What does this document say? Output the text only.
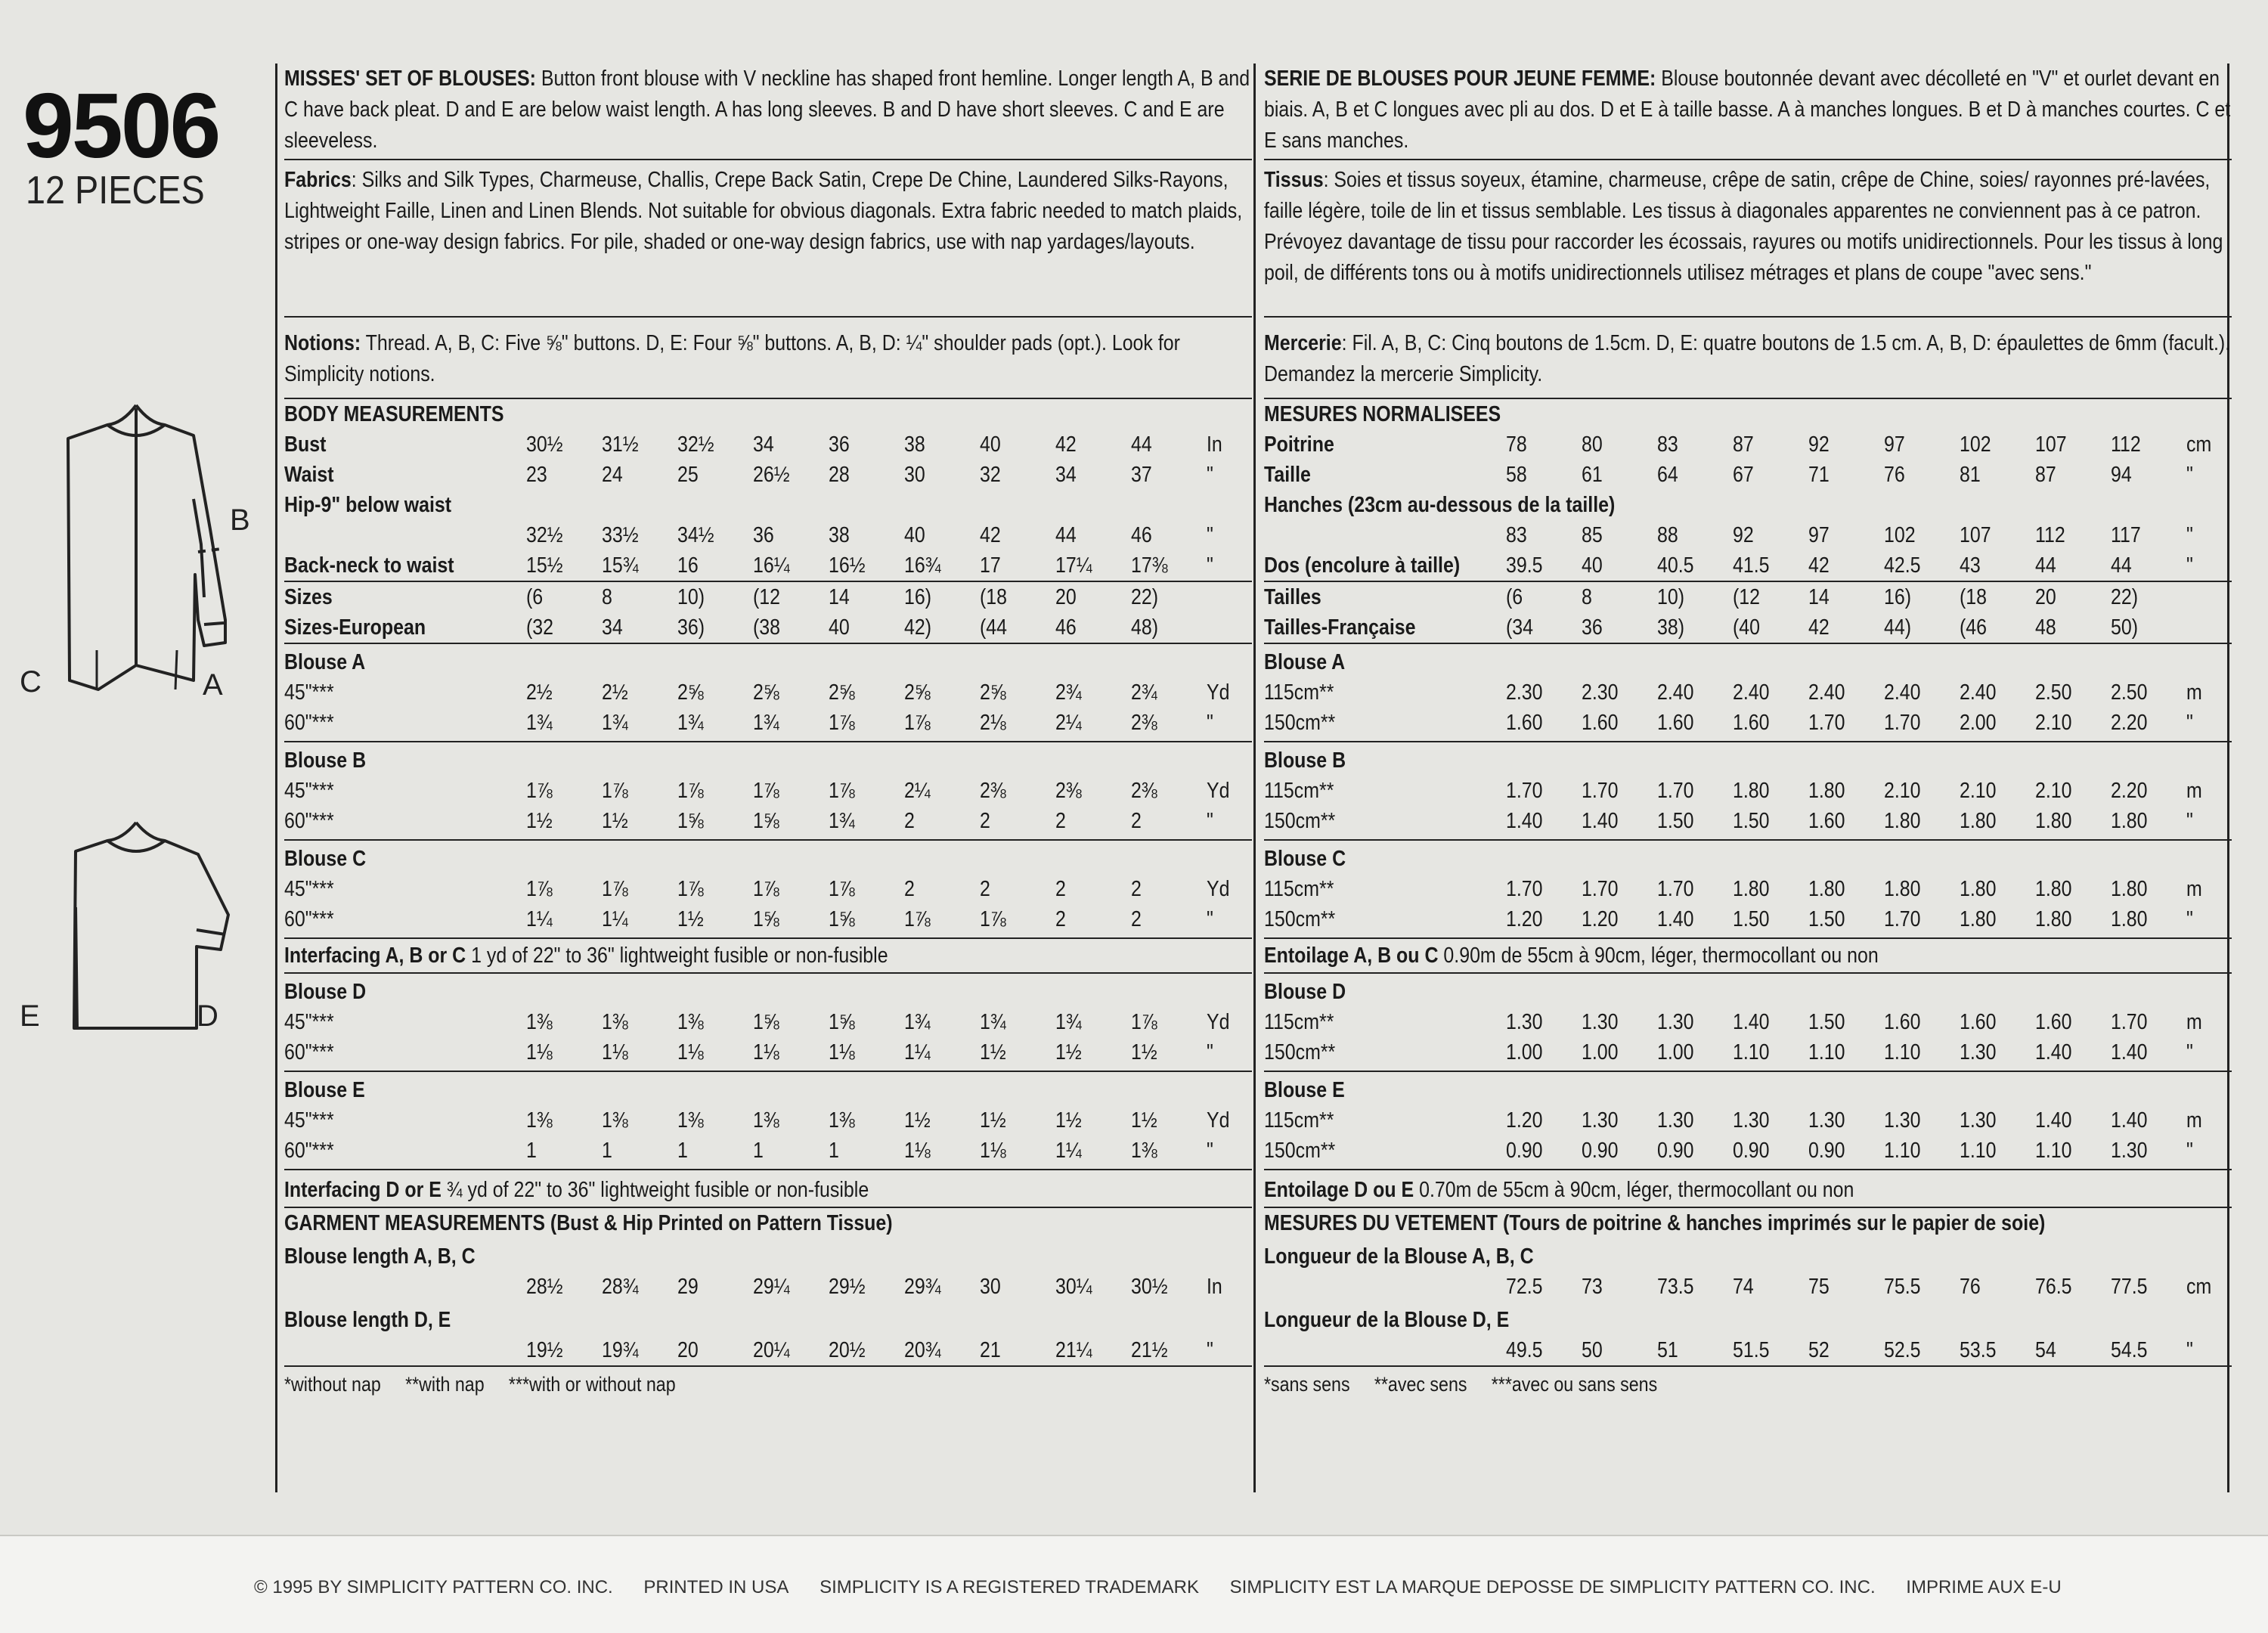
9506
12 PIECES
B
C	A
E	D
MISSES' SET OF BLOUSES: Button front blouse with V neckline has shaped front hemline. Longer length A, B and C have back pleat. D and E are below waist length. A has long sleeves. B and D have short sleeves. C and E are sleeveless.
Fabrics: Silks and Silk Types, Charmeuse, Challis, Crepe Back Satin, Crepe De Chine, Laundered Silks-Rayons, Lightweight Faille, Linen and Linen Blends. Not suitable for obvious diagonals. Extra fabric needed to match plaids, stripes or one-way design fabrics. For pile, shaded or one-way design fabrics, use with nap yardages/layouts.
Notions: Thread. A, B, C: Five ⅝" buttons. D, E: Four ⅝" buttons. A, B, D: ¼" shoulder pads (opt.). Look for Simplicity notions.
BODY MEASUREMENTS
Bust	30½	31½	32½	34	36	38	40	42	44	In
Waist	23	24	25	26½	28	30	32	34	37	"
Hip-9" below waist										
	32½	33½	34½	36	38	40	42	44	46	"
Back-neck to waist	15½	15¾	16	16¼	16½	16¾	17	17¼	17⅜	"
Sizes	(6	8	10)	(12	14	16)	(18	20	22)	
Sizes-European	(32	34	36)	(38	40	42)	(44	46	48)	
Blouse A
45"***	2½	2½	2⅝	2⅝	2⅝	2⅝	2⅝	2¾	2¾	Yd
60"***	1¾	1¾	1¾	1¾	1⅞	1⅞	2⅛	2¼	2⅜	"
Blouse B
45"***	1⅞	1⅞	1⅞	1⅞	1⅞	2¼	2⅜	2⅜	2⅜	Yd
60"***	1½	1½	1⅝	1⅝	1¾	2	2	2	2	"
Blouse C
45"***	1⅞	1⅞	1⅞	1⅞	1⅞	2	2	2	2	Yd
60"***	1¼	1¼	1½	1⅝	1⅝	1⅞	1⅞	2	2	"
Interfacing A, B or C 1 yd of 22" to 36" lightweight fusible or non-fusible
Blouse D
45"***	1⅜	1⅜	1⅜	1⅝	1⅝	1¾	1¾	1¾	1⅞	Yd
60"***	1⅛	1⅛	1⅛	1⅛	1⅛	1¼	1½	1½	1½	"
Blouse E
45"***	1⅜	1⅜	1⅜	1⅜	1⅜	1½	1½	1½	1½	Yd
60"***	1	1	1	1	1	1⅛	1⅛	1¼	1⅜	"
Interfacing D or E ¾ yd of 22" to 36" lightweight fusible or non-fusible
GARMENT MEASUREMENTS (Bust & Hip Printed on Pattern Tissue)
Blouse length A, B, C
	28½	28¾	29	29¼	29½	29¾	30	30¼	30½	In
Blouse length D, E
	19½	19¾	20	20¼	20½	20¾	21	21¼	21½	"
*without nap **with nap ***with or without nap
SERIE DE BLOUSES POUR JEUNE FEMME: Blouse boutonnée devant avec décolleté en "V" et ourlet devant en biais. A, B et C longues avec pli au dos. D et E à taille basse. A à manches longues. B et D à manches courtes. C et E sans manches.
Tissus: Soies et tissus soyeux, étamine, charmeuse, crêpe de satin, crêpe de Chine, soies/ rayonnes pré-lavées, faille légère, toile de lin et tissus semblable. Les tissus à diagonales apparentes ne conviennent pas à ce patron. Prévoyez davantage de tissu pour raccorder les écossais, rayures ou motifs unidirectionnels. Pour les tissus à long poil, de différents tons ou à motifs unidirectionnels utilisez métrages et plans de coupe "avec sens."
Mercerie: Fil. A, B, C: Cinq boutons de 1.5cm. D, E: quatre boutons de 1.5 cm. A, B, D: épaulettes de 6mm (facult.). Demandez la mercerie Simplicity.
MESURES NORMALISEES
Poitrine	78	80	83	87	92	97	102	107	112	cm
Taille	58	61	64	67	71	76	81	87	94	"
Hanches (23cm au-dessous de la taille)										
	83	85	88	92	97	102	107	112	117	"
Dos (encolure à taille)	39.5	40	40.5	41.5	42	42.5	43	44	44	"
Tailles	(6	8	10)	(12	14	16)	(18	20	22)	
Tailles-Française	(34	36	38)	(40	42	44)	(46	48	50)	
Blouse A
115cm**	2.30	2.30	2.40	2.40	2.40	2.40	2.40	2.50	2.50	m
150cm**	1.60	1.60	1.60	1.60	1.70	1.70	2.00	2.10	2.20	"
Blouse B
115cm**	1.70	1.70	1.70	1.80	1.80	2.10	2.10	2.10	2.20	m
150cm**	1.40	1.40	1.50	1.50	1.60	1.80	1.80	1.80	1.80	"
Blouse C
115cm**	1.70	1.70	1.70	1.80	1.80	1.80	1.80	1.80	1.80	m
150cm**	1.20	1.20	1.40	1.50	1.50	1.70	1.80	1.80	1.80	"
Entoilage A, B ou C 0.90m de 55cm à 90cm, léger, thermocollant ou non
Blouse D
115cm**	1.30	1.30	1.30	1.40	1.50	1.60	1.60	1.60	1.70	m
150cm**	1.00	1.00	1.00	1.10	1.10	1.10	1.30	1.40	1.40	"
Blouse E
115cm**	1.20	1.30	1.30	1.30	1.30	1.30	1.30	1.40	1.40	m
150cm**	0.90	0.90	0.90	0.90	0.90	1.10	1.10	1.10	1.30	"
Entoilage D ou E 0.70m de 55cm à 90cm, léger, thermocollant ou non
MESURES DU VETEMENT (Tours de poitrine & hanches imprimés sur le papier de soie)
Longueur de la Blouse A, B, C
	72.5	73	73.5	74	75	75.5	76	76.5	77.5	cm
Longueur de la Blouse D, E
	49.5	50	51	51.5	52	52.5	53.5	54	54.5	"
*sans sens **avec sens ***avec ou sans sens
© 1995 BY SIMPLICITY PATTERN CO. INC. PRINTED IN USA SIMPLICITY IS A REGISTERED TRADEMARK SIMPLICITY EST LA MARQUE DEPOSSE DE SIMPLICITY PATTERN CO. INC. IMPRIME AUX E-U
